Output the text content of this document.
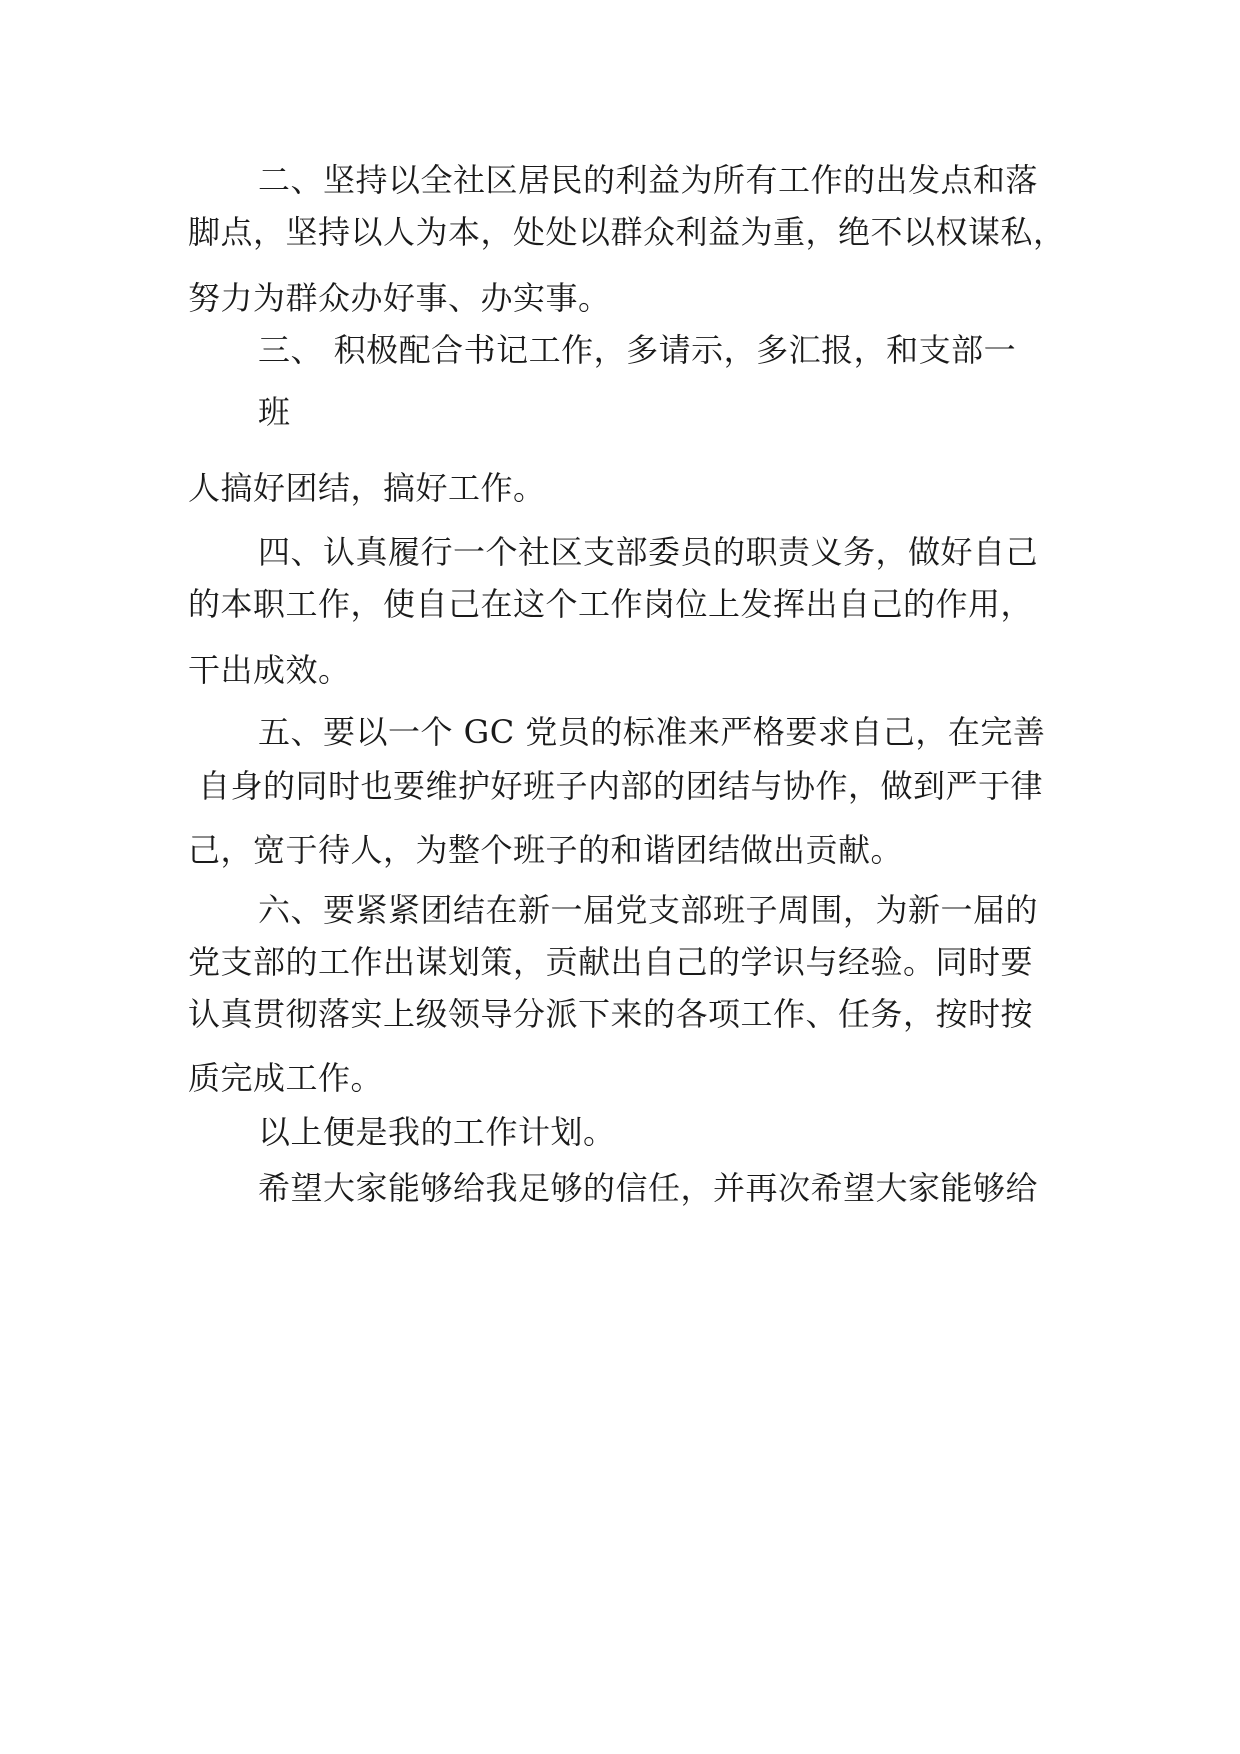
二、坚持以全社区居民的利益为所有工作的出发点和落
脚点，坚持以人为本，处处以群众利益为重，绝不以权谋私，
努力为群众办好事、办实事。
三、 积极配合书记工作，多请示，多汇报，和支部一
班
人搞好团结，搞好工作。
四、认真履行一个社区支部委员的职责义务，做好自己
的本职工作，使自己在这个工作岗位上发挥出自己的作用，
干出成效。
五、要以一个 GC 党员的标准来严格要求自己，在完善
自身的同时也要维护好班子内部的团结与协作，做到严于律
己，宽于待人，为整个班子的和谐团结做出贡献。
六、要紧紧团结在新一届党支部班子周围，为新一届的
党支部的工作出谋划策，贡献出自己的学识与经验。同时要
认真贯彻落实上级领导分派下来的各项工作、任务，按时按
质完成工作。
以上便是我的工作计划。
希望大家能够给我足够的信任，并再次希望大家能够给
